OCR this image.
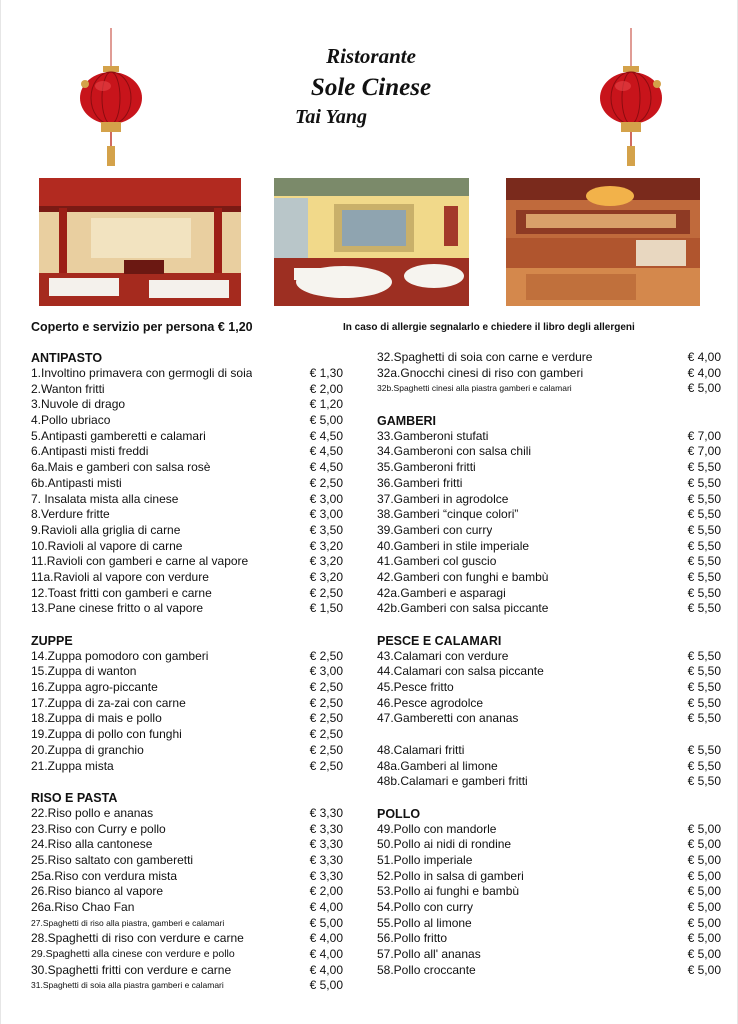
Ristorante
Sole Cinese
Tai Yang
Coperto e servizio per persona € 1,20	In caso di allergie segnalarlo e chiedere il libro degli allergeni
ANTIPASTO
1.Involtino primavera con germogli di soia	€ 1,30
2.Wanton fritti	€ 2,00
3.Nuvole di drago	€ 1,20
4.Pollo ubriaco	€ 5,00
5.Antipasti gamberetti e calamari	€ 4,50
6.Antipasti misti freddi	€ 4,50
6a.Mais e gamberi con salsa rosè	€ 4,50
6b.Antipasti misti	€ 2,50
7. Insalata mista alla cinese	€ 3,00
8.Verdure fritte	€ 3,00
9.Ravioli alla griglia di carne	€ 3,50
10.Ravioli al vapore di carne	€ 3,20
11.Ravioli con gamberi e carne al vapore	€ 3,20
11a.Ravioli al vapore con verdure	€ 3,20
12.Toast fritti con gamberi e carne	€ 2,50
13.Pane cinese fritto o al vapore	€ 1,50
ZUPPE
14.Zuppa pomodoro con gamberi	€ 2,50
15.Zuppa di wanton	€ 3,00
16.Zuppa agro-piccante	€ 2,50
17.Zuppa di za-zai con carne	€ 2,50
18.Zuppa di mais e pollo	€ 2,50
19.Zuppa di pollo con funghi	€ 2,50
20.Zuppa di granchio	€ 2,50
21.Zuppa mista	€ 2,50
RISO E PASTA
22.Riso pollo e ananas	€ 3,30
23.Riso con Curry e pollo	€ 3,30
24.Riso alla cantonese	€ 3,30
25.Riso saltato con gamberetti	€ 3,30
25a.Riso con verdura mista	€ 3,30
26.Riso bianco al vapore	€ 2,00
26a.Riso Chao Fan	€ 4,00
27.Spaghetti di riso alla piastra, gamberi e calamari	€ 5,00
28.Spaghetti di riso con verdure e carne	€ 4,00
29.Spaghetti alla cinese con verdure e pollo	€ 4,00
30.Spaghetti fritti con verdure e carne	€ 4,00
31.Spaghetti di soia alla piastra gamberi e calamari	€ 5,00
32.Spaghetti di soia con carne e verdure	€ 4,00
32a.Gnocchi cinesi di riso con gamberi	€ 4,00
32b.Spaghetti cinesi alla piastra gamberi e calamari	€ 5,00
GAMBERI
33.Gamberoni stufati	€ 7,00
34.Gamberoni con salsa chili	€ 7,00
35.Gamberoni fritti	€ 5,50
36.Gamberi fritti	€ 5,50
37.Gamberi in agrodolce	€ 5,50
38.Gamberi “cinque colori”	€ 5,50
39.Gamberi con curry	€ 5,50
40.Gamberi in stile imperiale	€ 5,50
41.Gamberi col guscio	€ 5,50
42.Gamberi con funghi e bambù	€ 5,50
42a.Gamberi e asparagi	€ 5,50
42b.Gamberi con salsa piccante	€ 5,50
PESCE E CALAMARI
43.Calamari con verdure	€ 5,50
44.Calamari con salsa piccante	€ 5,50
45.Pesce fritto	€ 5,50
46.Pesce agrodolce	€ 5,50
47.Gamberetti con ananas	€ 5,50
48.Calamari fritti	€ 5,50
48a.Gamberi al limone	€ 5,50
48b.Calamari e gamberi fritti	€ 5,50
POLLO
49.Pollo con mandorle	€ 5,00
50.Pollo ai nidi di rondine	€ 5,00
51.Pollo imperiale	€ 5,00
52.Pollo in salsa di gamberi	€ 5,00
53.Pollo ai funghi e bambù	€ 5,00
54.Pollo con curry	€ 5,00
55.Pollo al limone	€ 5,00
56.Pollo fritto	€ 5,00
57.Pollo all' ananas	€ 5,00
58.Pollo croccante	€ 5,00
